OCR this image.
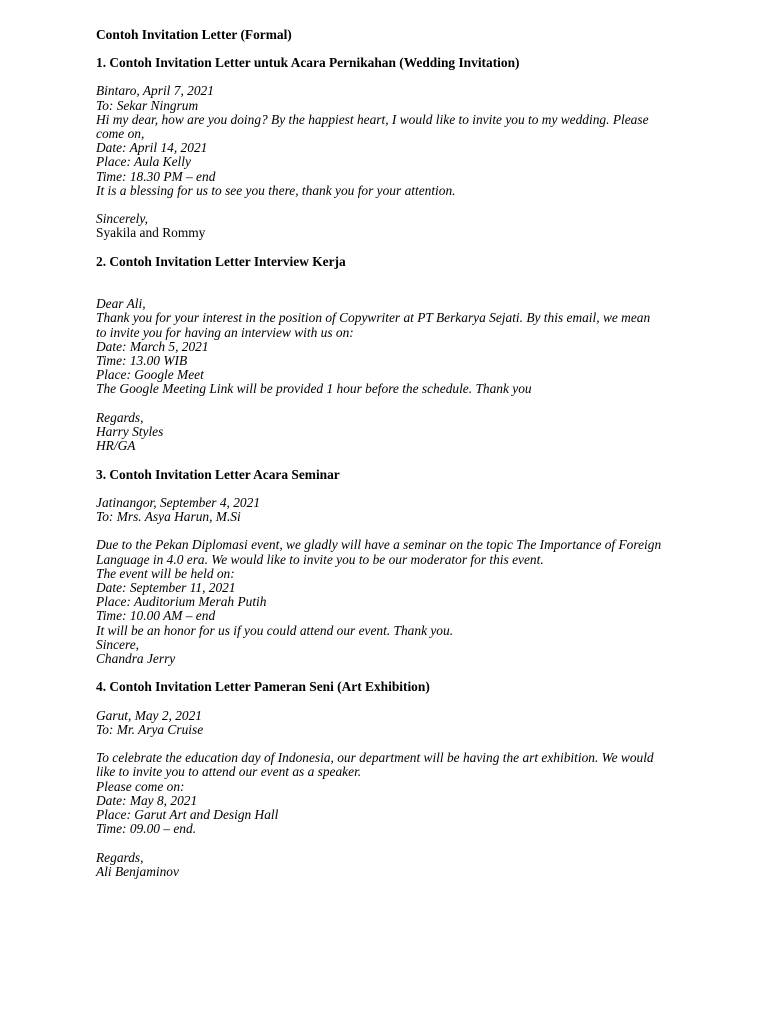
Contoh Invitation Letter (Formal)
1. Contoh Invitation Letter untuk Acara Pernikahan (Wedding Invitation)
Bintaro, April 7, 2021
To: Sekar Ningrum
Hi my dear, how are you doing? By the happiest heart, I would like to invite you to my wedding. Please
come on,
Date: April 14, 2021
Place: Aula Kelly
Time: 18.30 PM – end
It is a blessing for us to see you there, thank you for your attention.
Sincerely,
Syakila and Rommy
2. Contoh Invitation Letter Interview Kerja
Dear Ali,
Thank you for your interest in the position of Copywriter at PT Berkarya Sejati. By this email, we mean
to invite you for having an interview with us on:
Date: March 5, 2021
Time: 13.00 WIB
Place: Google Meet
The Google Meeting Link will be provided 1 hour before the schedule. Thank you
Regards,
Harry Styles
HR/GA
3. Contoh Invitation Letter Acara Seminar
Jatinangor, September 4, 2021
To: Mrs. Asya Harun, M.Si
Due to the Pekan Diplomasi event, we gladly will have a seminar on the topic The Importance of Foreign
Language in 4.0 era. We would like to invite you to be our moderator for this event.
The event will be held on:
Date: September 11, 2021
Place: Auditorium Merah Putih
Time: 10.00 AM – end
It will be an honor for us if you could attend our event. Thank you.
Sincere,
Chandra Jerry
4. Contoh Invitation Letter Pameran Seni (Art Exhibition)
Garut, May 2, 2021
To: Mr. Arya Cruise
To celebrate the education day of Indonesia, our department will be having the art exhibition. We would
like to invite you to attend our event as a speaker.
Please come on:
Date: May 8, 2021
Place: Garut Art and Design Hall
Time: 09.00 – end.
Regards,
Ali Benjaminov
